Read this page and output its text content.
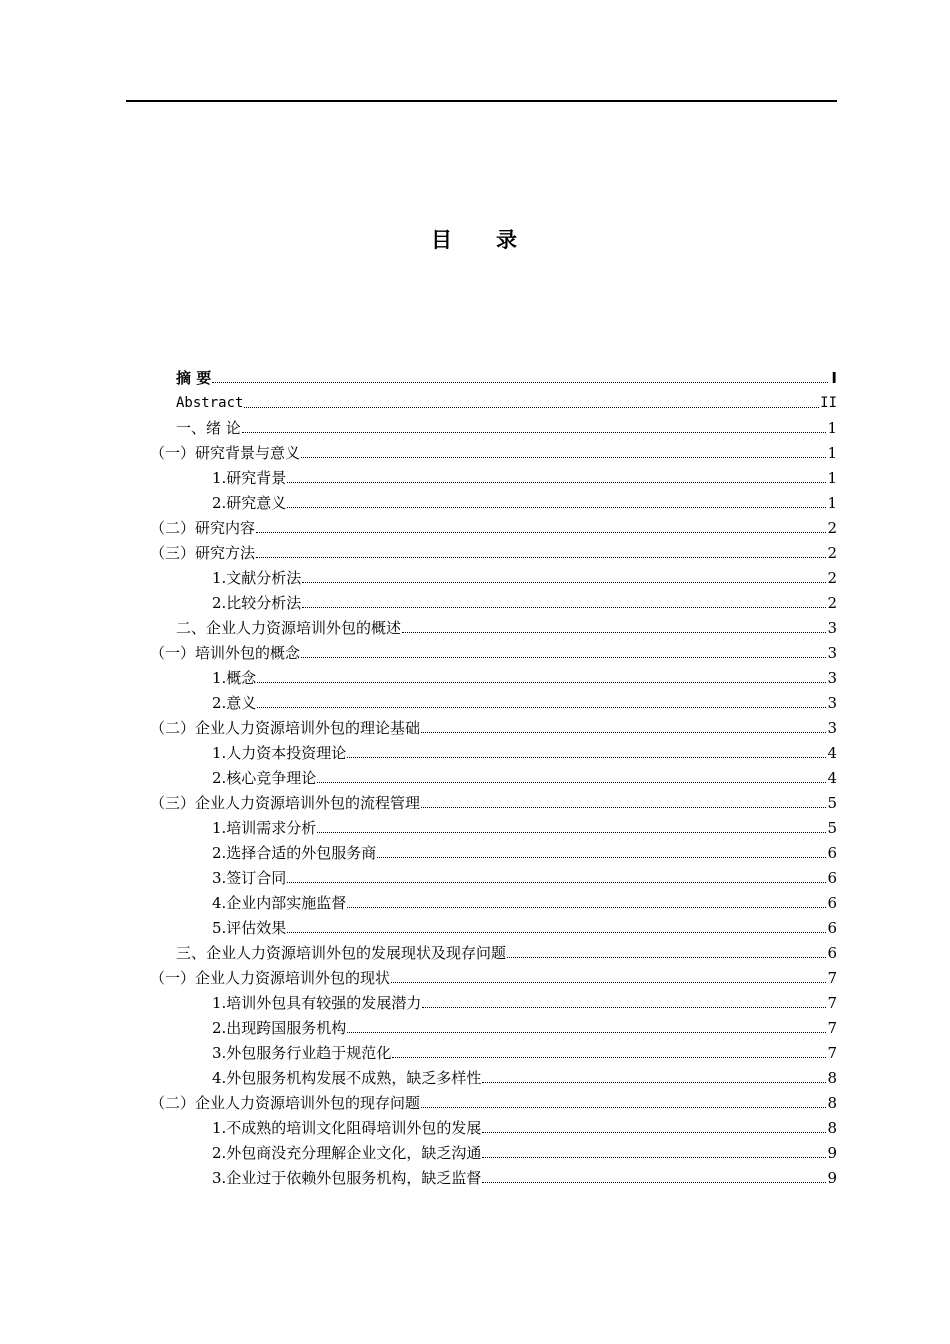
目 录
摘 要	I
Abstract	II
一、绪 论	1
（一）研究背景与意义	1
1.研究背景	1
2.研究意义	1
（二）研究内容	2
（三）研究方法	2
1.文献分析法	2
2.比较分析法	2
二、企业人力资源培训外包的概述	3
（一）培训外包的概念	3
1.概念	3
2.意义	3
（二）企业人力资源培训外包的理论基础	3
1.人力资本投资理论	4
2.核心竞争理论	4
（三）企业人力资源培训外包的流程管理	5
1.培训需求分析	5
2.选择合适的外包服务商	6
3.签订合同	6
4.企业内部实施监督	6
5.评估效果	6
三、企业人力资源培训外包的发展现状及现存问题	6
（一）企业人力资源培训外包的现状	7
1.培训外包具有较强的发展潜力	7
2.出现跨国服务机构	7
3.外包服务行业趋于规范化	7
4.外包服务机构发展不成熟，缺乏多样性	8
（二）企业人力资源培训外包的现存问题	8
1.不成熟的培训文化阻碍培训外包的发展	8
2.外包商没充分理解企业文化，缺乏沟通	9
3.企业过于依赖外包服务机构，缺乏监督	9
